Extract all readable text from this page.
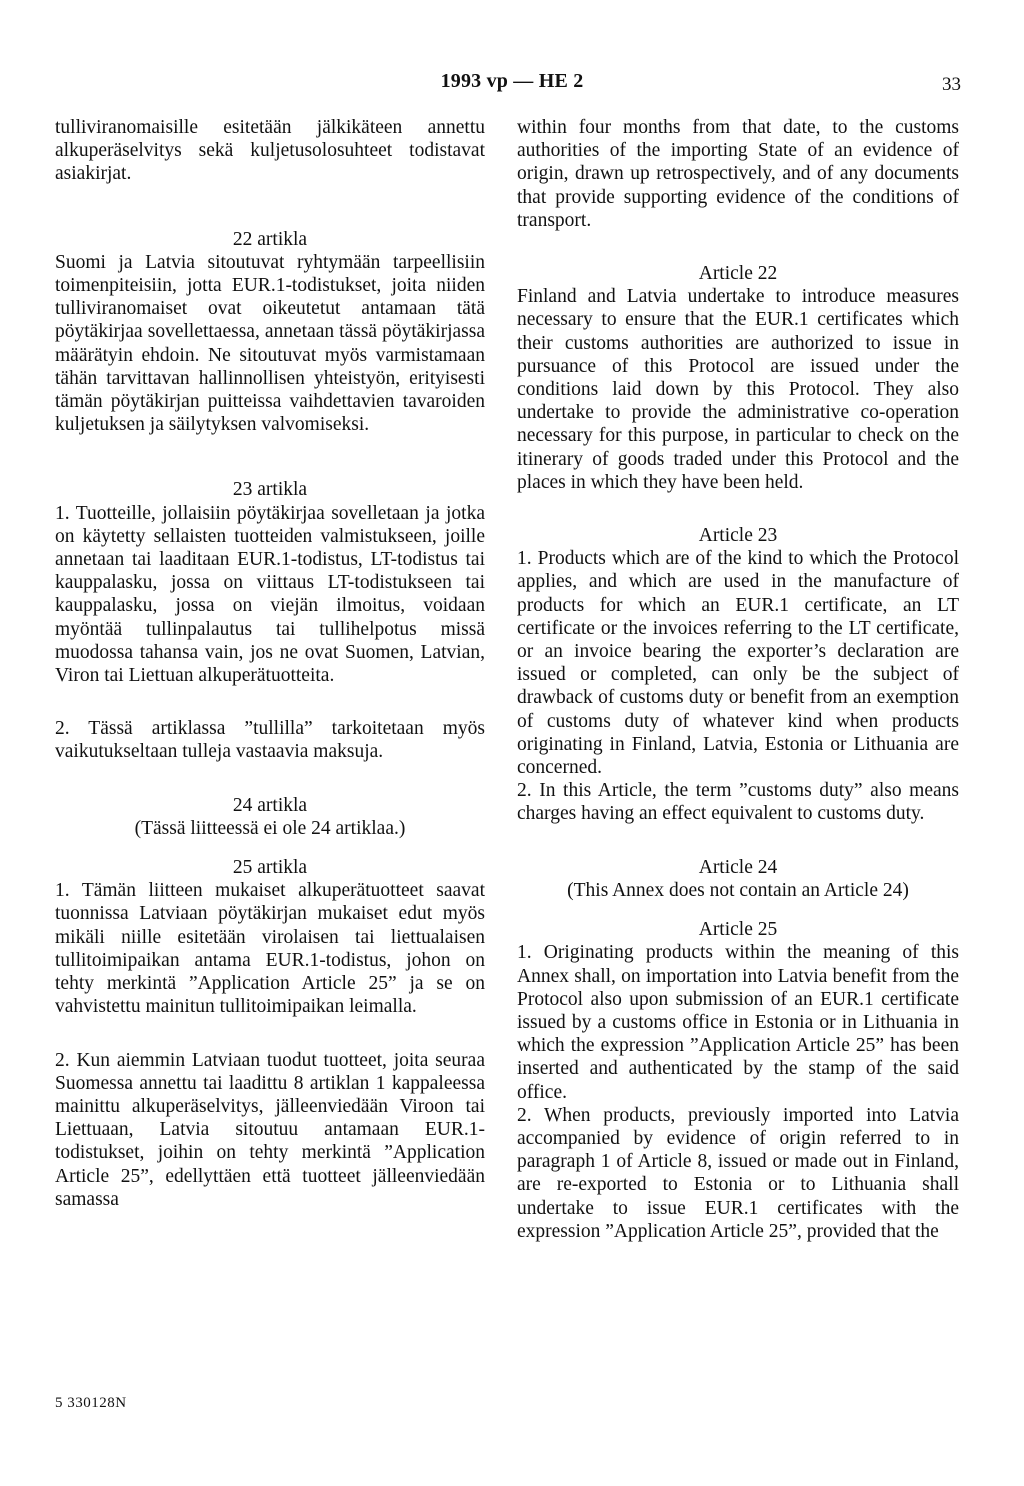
1993 vp — HE 2	33

tulliviranomaisille esitetään jälkikäteen annettu alkuperäselvitys sekä kuljetusolosuhteet todistavat asiakirjat.

22 artikla

Suomi ja Latvia sitoutuvat ryhtymään tarpeellisiin toimenpiteisiin, jotta EUR.1-todistukset, joita niiden tulliviranomaiset ovat oikeutetut antamaan tätä pöytäkirjaa sovellettaessa, annetaan tässä pöytäkirjassa määrätyin ehdoin. Ne sitoutuvat myös varmistamaan tähän tarvittavan hallinnollisen yhteistyön, erityisesti tämän pöytäkirjan puitteissa vaihdettavien tavaroiden kuljetuksen ja säilytyksen valvomiseksi.

23 artikla

1. Tuotteille, jollaisiin pöytäkirjaa sovelletaan ja jotka on käytetty sellaisten tuotteiden valmistukseen, joille annetaan tai laaditaan EUR.1-todistus, LT-todistus tai kauppalasku, jossa on viittaus LT-todistukseen tai kauppalasku, jossa on viejän ilmoitus, voidaan myöntää tullinpalautus tai tullihelpotus missä muodossa tahansa vain, jos ne ovat Suomen, Latvian, Viron tai Liettuan alkuperätuotteita.

2. Tässä artiklassa ”tullilla” tarkoitetaan myös vaikutukseltaan tulleja vastaavia maksuja.

24 artikla
(Tässä liitteessä ei ole 24 artiklaa.)
25 artikla

1. Tämän liitteen mukaiset alkuperätuotteet saavat tuonnissa Latviaan pöytäkirjan mukaiset edut myös mikäli niille esitetään virolaisen tai liettualaisen tullitoimipaikan antama EUR.1-todistus, johon on tehty merkintä ”Application Article 25” ja se on vahvistettu mainitun tullitoimipaikan leimalla.

2. Kun aiemmin Latviaan tuodut tuotteet, joita seuraa Suomessa annettu tai laadittu 8 artiklan 1 kappaleessa mainittu alkuperäselvitys, jälleenviedään Viroon tai Liettuaan, Latvia sitoutuu antamaan EUR.1-todistukset, joihin on tehty merkintä ”Application Article 25”, edellyttäen että tuotteet jälleenviedään samassa

within four months from that date, to the customs authorities of the importing State of an evidence of origin, drawn up retrospectively, and of any documents that provide supporting evidence of the conditions of transport.

Article 22

Finland and Latvia undertake to introduce measures necessary to ensure that the EUR.1 certificates which their customs authorities are authorized to issue in pursuance of this Protocol are issued under the conditions laid down by this Protocol. They also undertake to provide the administrative co-operation necessary for this purpose, in particular to check on the itinerary of goods traded under this Protocol and the places in which they have been held.

Article 23

1. Products which are of the kind to which the Protocol applies, and which are used in the manufacture of products for which an EUR.1 certificate, an LT certificate or the invoices referring to the LT certificate, or an invoice bearing the exporter’s declaration are issued or completed, can only be the subject of drawback of customs duty or benefit from an exemption of customs duty of whatever kind when products originating in Finland, Latvia, Estonia or Lithuania are concerned.

2. In this Article, the term ”customs duty” also means charges having an effect equivalent to customs duty.

Article 24
(This Annex does not contain an Article 24)
Article 25

1. Originating products within the meaning of this Annex shall, on importation into Latvia benefit from the Protocol also upon submission of an EUR.1 certificate issued by a customs office in Estonia or in Lithuania in which the expression ”Application Article 25” has been inserted and authenticated by the stamp of the said office.

2. When products, previously imported into Latvia accompanied by evidence of origin referred to in paragraph 1 of Article 8, issued or made out in Finland, are re-exported to Estonia or to Lithuania shall undertake to issue EUR.1 certificates with the expression ”Application Article 25”, provided that the

5 330128N
